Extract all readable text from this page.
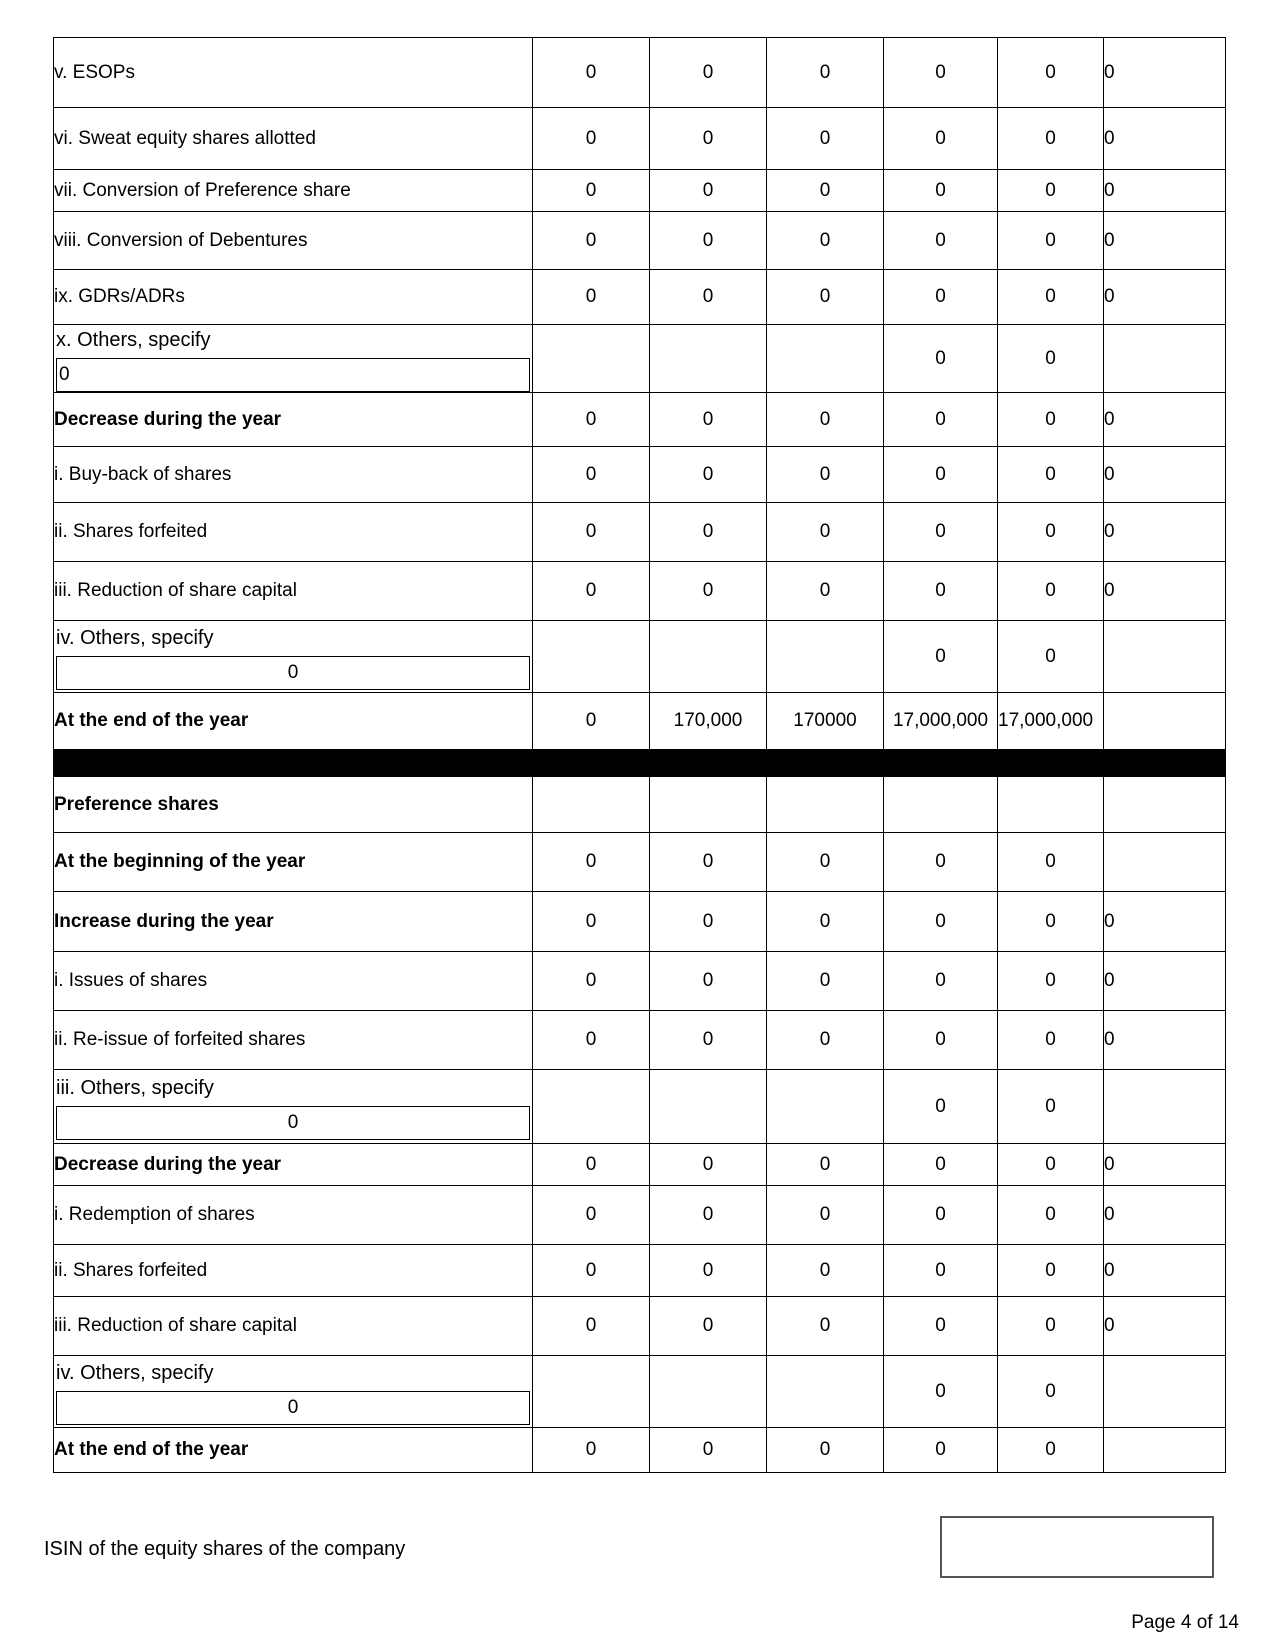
v. ESOPs	0	0	0	0	0	0
vi. Sweat equity shares allotted	0	0	0	0	0	0
vii. Conversion of Preference share	0	0	0	0	0	0
viii. Conversion of Debentures	0	0	0	0	0	0
ix. GDRs/ADRs	0	0	0	0	0	0

x. Others, specify
0				0	0	
Decrease during the year	0	0	0	0	0	0
i. Buy-back of shares	0	0	0	0	0	0
ii. Shares forfeited	0	0	0	0	0	0
iii. Reduction of share capital	0	0	0	0	0	0

iv. Others, specify
0				0	0	
At the end of the year	0	170,000	170000	17,000,000	17,000,000	

Preference shares						
At the beginning of the year	0	0	0	0	0	
Increase during the year	0	0	0	0	0	0
i. Issues of shares	0	0	0	0	0	0
ii. Re-issue of forfeited shares	0	0	0	0	0	0

iii. Others, specify
0				0	0	
Decrease during the year	0	0	0	0	0	0
i. Redemption of shares	0	0	0	0	0	0
ii. Shares forfeited	0	0	0	0	0	0
iii. Reduction of share capital	0	0	0	0	0	0

iv. Others, specify
0				0	0	
At the end of the year	0	0	0	0	0	
ISIN of the equity shares of the company
Page 4 of 14
